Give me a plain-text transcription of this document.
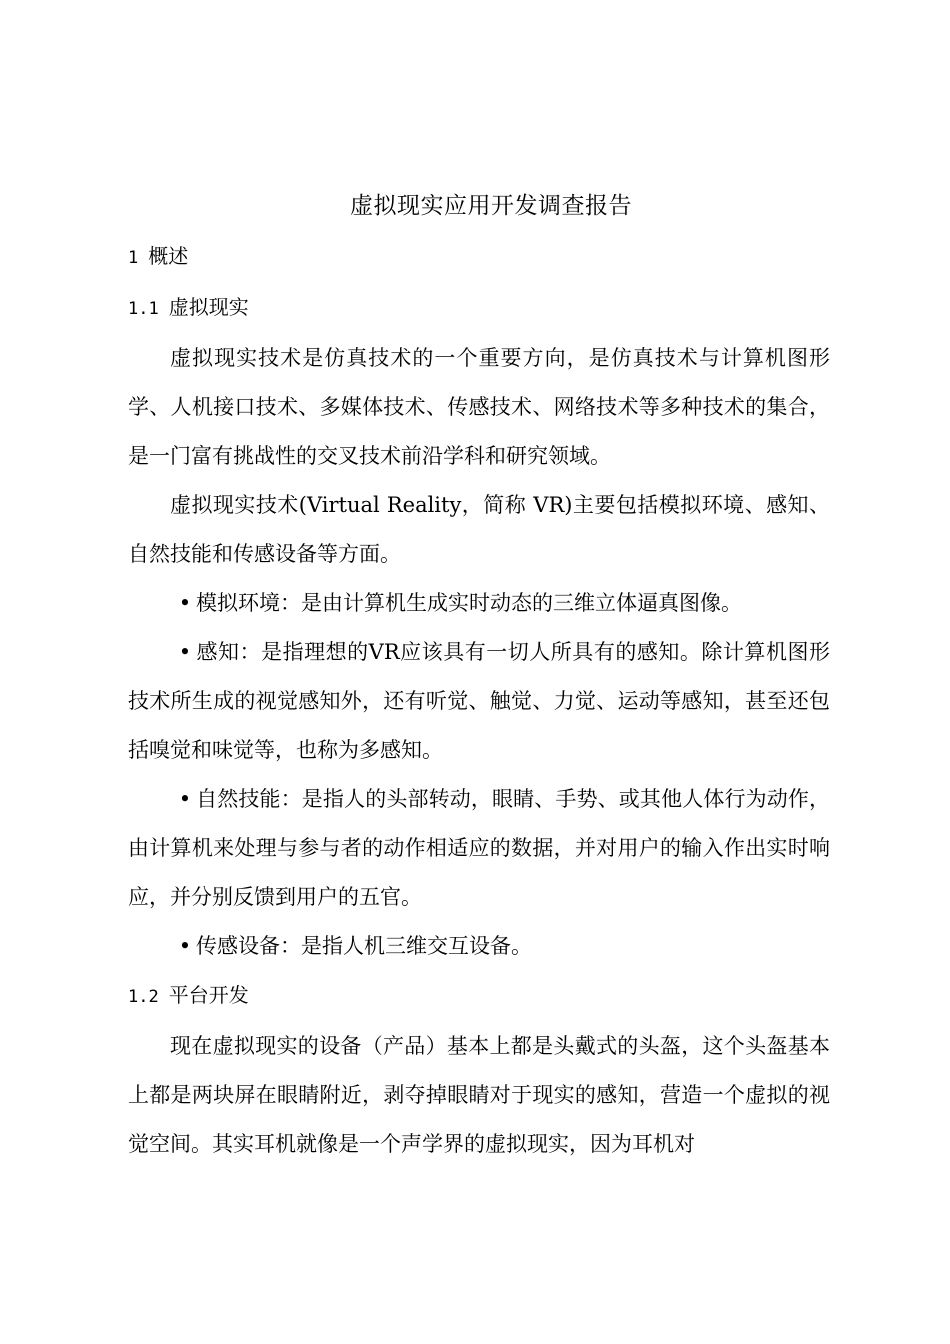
虚拟现实应用开发调查报告
1 概述
1.1 虚拟现实

虚拟现实技术是仿真技术的一个重要方向，是仿真技术与计算机图形学、人机接口技术、多媒体技术、传感技术、网络技术等多种技术的集合，是一门富有挑战性的交叉技术前沿学科和研究领域。

虚拟现实技术(Virtual Reality，简称 VR)主要包括模拟环境、感知、自然技能和传感设备等方面。

• 模拟环境：是由计算机生成实时动态的三维立体逼真图像。

• 感知：是指理想的VR应该具有一切人所具有的感知。除计算机图形技术所生成的视觉感知外，还有听觉、触觉、力觉、运动等感知，甚至还包括嗅觉和味觉等，也称为多感知。

• 自然技能：是指人的头部转动，眼睛、手势、或其他人体行为动作，由计算机来处理与参与者的动作相适应的数据，并对用户的输入作出实时响应，并分别反馈到用户的五官。

• 传感设备：是指人机三维交互设备。

1.2 平台开发

现在虚拟现实的设备（产品）基本上都是头戴式的头盔，这个头盔基本上都是两块屏在眼睛附近，剥夺掉眼睛对于现实的感知，营造一个虚拟的视觉空间。其实耳机就像是一个声学界的虚拟现实，因为耳机对
